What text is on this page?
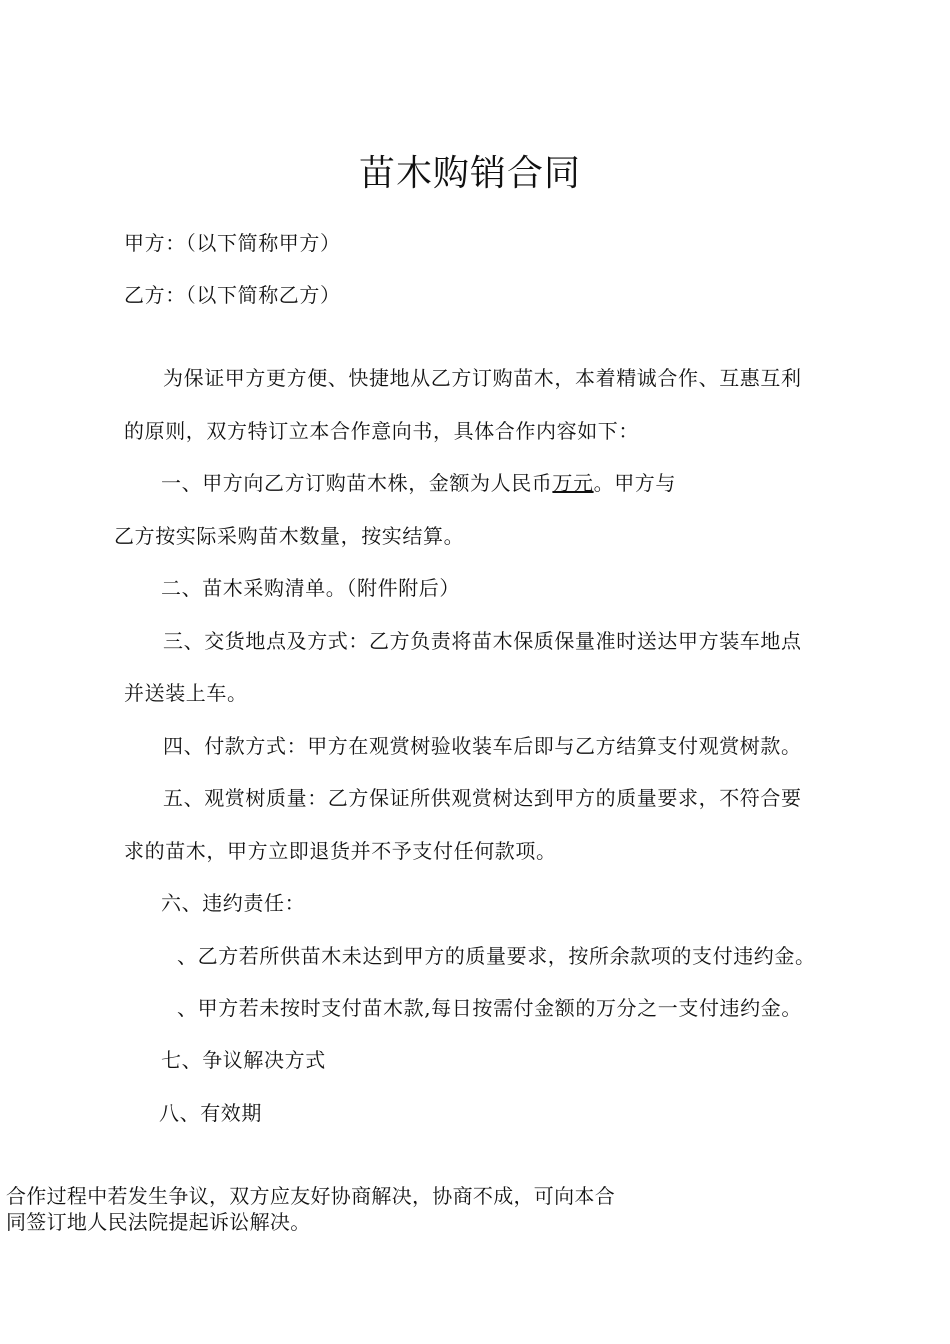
苗木购销合同
甲方：（以下简称甲方）
乙方：（以下简称乙方）
为保证甲方更方便、快捷地从乙方订购苗木，本着精诚合作、互惠互利
的原则，双方特订立本合作意向书，具体合作内容如下：
一、甲方向乙方订购苗木株，金额为人民币万元。甲方与
乙方按实际采购苗木数量，按实结算。
二、苗木采购清单。（附件附后）
三、交货地点及方式：乙方负责将苗木保质保量准时送达甲方装车地点
并送装上车。
四、付款方式：甲方在观赏树验收装车后即与乙方结算支付观赏树款。
五、观赏树质量：乙方保证所供观赏树达到甲方的质量要求，不符合要
求的苗木，甲方立即退货并不予支付任何款项。
六、违约责任：
、乙方若所供苗木未达到甲方的质量要求，按所余款项的支付违约金。
、甲方若未按时支付苗木款,每日按需付金额的万分之一支付违约金。
七、争议解决方式
八、有效期
合作过程中若发生争议，双方应友好协商解决，协商不成，可向本合
同签订地人民法院提起诉讼解决。
